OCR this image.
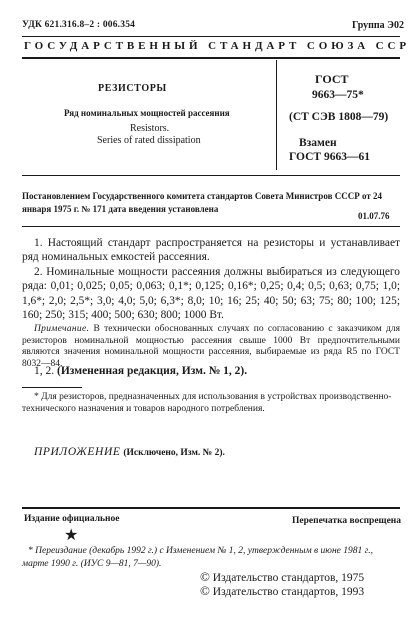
УДК 621.316.8–2 : 006.354	Группа Э02
ГОСУДАРСТВЕННЫЙ СТАНДАРТ СОЮЗА ССР
РЕЗИСТОРЫ
Ряд номинальных мощностей рассеяния
Resistors.
Series of rated dissipation
ГОСТ
9663—75*
(СТ СЭВ 1808—79)
Взамен
ГОСТ 9663—61
Постановлением Государственного комитета стандартов Совета Министров СССР от 24 января 1975 г. № 171 дата введения установлена
01.07.76
1. Настоящий стандарт распространяется на резисторы и устанавливает ряд номинальных емкостей рассеяния.
2. Номинальные мощности рассеяния должны выбираться из следующего ряда: 0,01; 0,025; 0,05; 0,063; 0,1*; 0,125; 0,16*; 0,25; 0,4; 0,5; 0,63; 0,75; 1,0; 1,6*; 2,0; 2,5*; 3,0; 4,0; 5,0; 6,3*; 8,0; 10; 16; 25; 40; 50; 63; 75; 80; 100; 125; 160; 250; 315; 400; 500; 630; 800; 1000 Вт.
Примечание. В технически обоснованных случаях по согласованию с заказчиком для резисторов номинальной мощностью рассеяния свыше 1000 Вт предпочтительными являются значения номинальной мощности рассеяния, выбираемые из ряда R5 по ГОСТ 8032—84.
1, 2. (Измененная редакция, Изм. № 1, 2).
* Для резисторов, предназначенных для использования в устройствах производственно-технического назначения и товаров народного потребления.
ПРИЛОЖЕНИЕ (Исключено, Изм. № 2).
Издание официальное	Перепечатка воспрещена
★
* Переиздание (декабрь 1992 г.) с Изменением № 1, 2, утвержденным в июне 1981 г., марте 1990 г. (ИУС 9—81, 7—90).
© Издательство стандартов, 1975
© Издательство стандартов, 1993
